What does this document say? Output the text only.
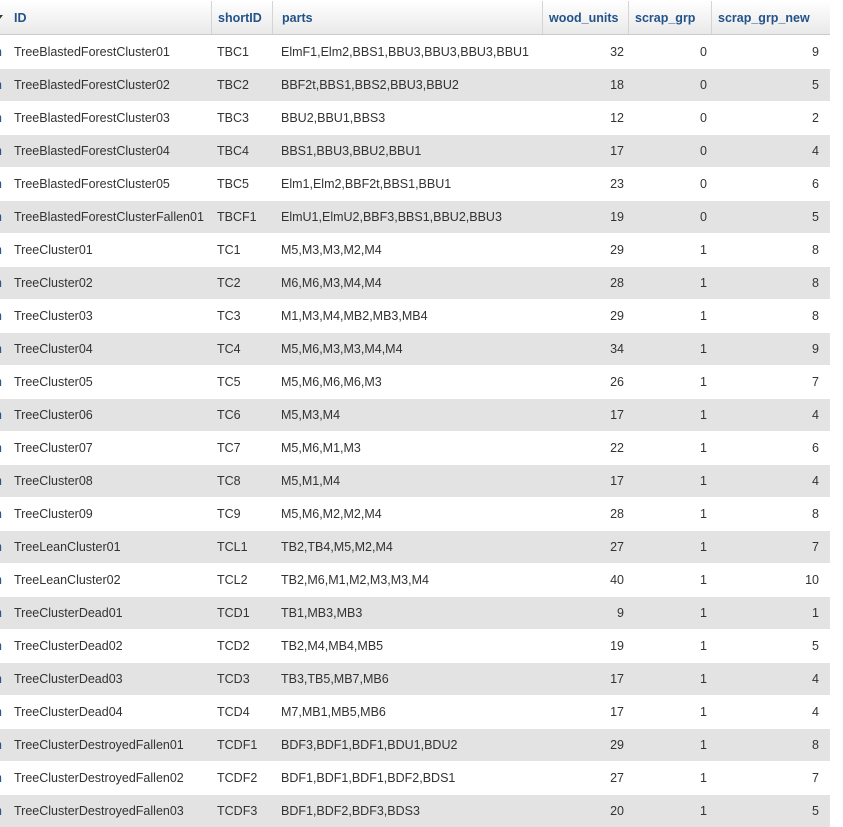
ID	shortID	parts	wood_units	scrap_grp	scrap_grp_new
TreeBlastedForestCluster01	TBC1	ElmF1,Elm2,BBS1,BBU3,BBU3,BBU3,BBU1	32	0	9
TreeBlastedForestCluster02	TBC2	BBF2t,BBS1,BBS2,BBU3,BBU2	18	0	5
TreeBlastedForestCluster03	TBC3	BBU2,BBU1,BBS3	12	0	2
TreeBlastedForestCluster04	TBC4	BBS1,BBU3,BBU2,BBU1	17	0	4
TreeBlastedForestCluster05	TBC5	Elm1,Elm2,BBF2t,BBS1,BBU1	23	0	6
TreeBlastedForestClusterFallen01	TBCF1	ElmU1,ElmU2,BBF3,BBS1,BBU2,BBU3	19	0	5
TreeCluster01	TC1	M5,M3,M3,M2,M4	29	1	8
TreeCluster02	TC2	M6,M6,M3,M4,M4	28	1	8
TreeCluster03	TC3	M1,M3,M4,MB2,MB3,MB4	29	1	8
TreeCluster04	TC4	M5,M6,M3,M3,M4,M4	34	1	9
TreeCluster05	TC5	M5,M6,M6,M6,M3	26	1	7
TreeCluster06	TC6	M5,M3,M4	17	1	4
TreeCluster07	TC7	M5,M6,M1,M3	22	1	6
TreeCluster08	TC8	M5,M1,M4	17	1	4
TreeCluster09	TC9	M5,M6,M2,M2,M4	28	1	8
TreeLeanCluster01	TCL1	TB2,TB4,M5,M2,M4	27	1	7
TreeLeanCluster02	TCL2	TB2,M6,M1,M2,M3,M3,M4	40	1	10
TreeClusterDead01	TCD1	TB1,MB3,MB3	9	1	1
TreeClusterDead02	TCD2	TB2,M4,MB4,MB5	19	1	5
TreeClusterDead03	TCD3	TB3,TB5,MB7,MB6	17	1	4
TreeClusterDead04	TCD4	M7,MB1,MB5,MB6	17	1	4
TreeClusterDestroyedFallen01	TCDF1	BDF3,BDF1,BDF1,BDU1,BDU2	29	1	8
TreeClusterDestroyedFallen02	TCDF2	BDF1,BDF1,BDF1,BDF2,BDS1	27	1	7
TreeClusterDestroyedFallen03	TCDF3	BDF1,BDF2,BDF3,BDS3	20	1	5
